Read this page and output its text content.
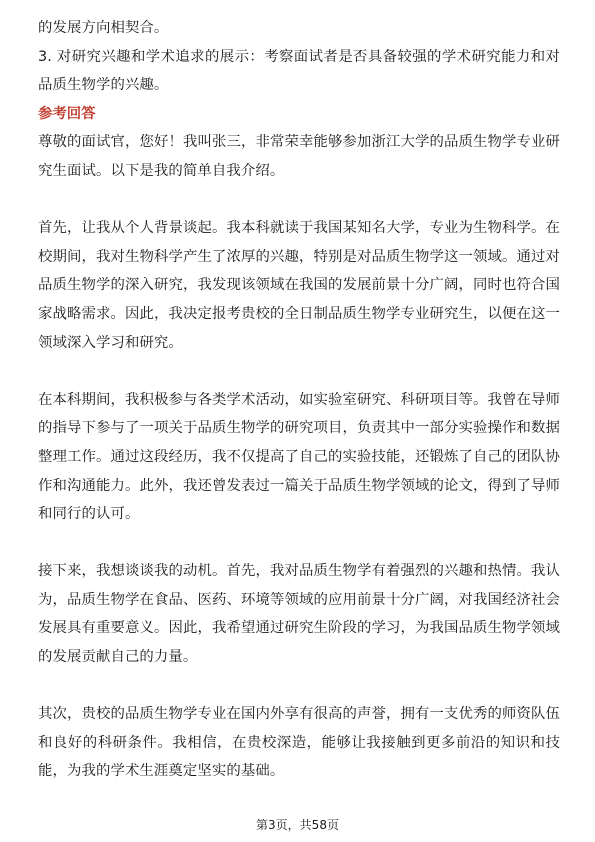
的发展方向相契合。

3. 对研究兴趣和学术追求的展示：考察面试者是否具备较强的学术研究能力和对品质生物学的兴趣。

参考回答

尊敬的面试官，您好！我叫张三，非常荣幸能够参加浙江大学的品质生物学专业研究生面试。以下是我的简单自我介绍。

首先，让我从个人背景谈起。我本科就读于我国某知名大学，专业为生物科学。在校期间，我对生物科学产生了浓厚的兴趣，特别是对品质生物学这一领域。通过对品质生物学的深入研究，我发现该领域在我国的发展前景十分广阔，同时也符合国家战略需求。因此，我决定报考贵校的全日制品质生物学专业研究生，以便在这一领域深入学习和研究。

在本科期间，我积极参与各类学术活动，如实验室研究、科研项目等。我曾在导师的指导下参与了一项关于品质生物学的研究项目，负责其中一部分实验操作和数据整理工作。通过这段经历，我不仅提高了自己的实验技能，还锻炼了自己的团队协作和沟通能力。此外，我还曾发表过一篇关于品质生物学领域的论文，得到了导师和同行的认可。

接下来，我想谈谈我的动机。首先，我对品质生物学有着强烈的兴趣和热情。我认为，品质生物学在食品、医药、环境等领域的应用前景十分广阔，对我国经济社会发展具有重要意义。因此，我希望通过研究生阶段的学习，为我国品质生物学领域的发展贡献自己的力量。

其次，贵校的品质生物学专业在国内外享有很高的声誉，拥有一支优秀的师资队伍和良好的科研条件。我相信，在贵校深造，能够让我接触到更多前沿的知识和技能，为我的学术生涯奠定坚实的基础。

第3页，共58页
